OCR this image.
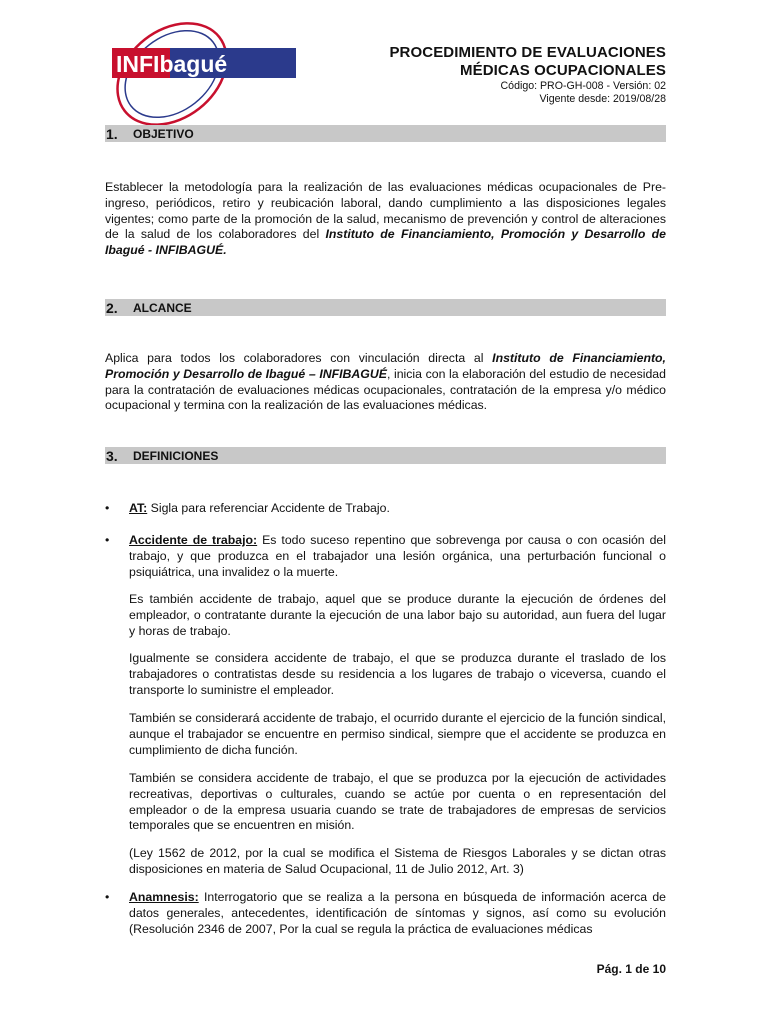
INFIbagué	PROCEDIMIENTO DE EVALUACIONES
MÉDICAS OCUPACIONALES
Código: PRO-GH-008 - Versión: 02
Vigente desde: 2019/08/28
1.	OBJETIVO
Establecer la metodología para la realización de las evaluaciones médicas ocupacionales de Pre-ingreso, periódicos, retiro y reubicación laboral, dando cumplimiento a las disposiciones legales vigentes; como parte de la promoción de la salud, mecanismo de prevención y control de alteraciones de la salud de los colaboradores del Instituto de Financiamiento, Promoción y Desarrollo de Ibagué - INFIBAGUÉ.
2.	ALCANCE
Aplica para todos los colaboradores con vinculación directa al Instituto de Financiamiento, Promoción y Desarrollo de Ibagué – INFIBAGUÉ, inicia con la elaboración del estudio de necesidad para la contratación de evaluaciones médicas ocupacionales, contratación de la empresa y/o médico ocupacional y termina con la realización de las evaluaciones médicas.
3.	DEFINICIONES
• AT: Sigla para referenciar Accidente de Trabajo.
• Accidente de trabajo: Es todo suceso repentino que sobrevenga por causa o con ocasión del trabajo, y que produzca en el trabajador una lesión orgánica, una perturbación funcional o psiquiátrica, una invalidez o la muerte.
Es también accidente de trabajo, aquel que se produce durante la ejecución de órdenes del empleador, o contratante durante la ejecución de una labor bajo su autoridad, aun fuera del lugar y horas de trabajo.
Igualmente se considera accidente de trabajo, el que se produzca durante el traslado de los trabajadores o contratistas desde su residencia a los lugares de trabajo o viceversa, cuando el transporte lo suministre el empleador.
También se considerará accidente de trabajo, el ocurrido durante el ejercicio de la función sindical, aunque el trabajador se encuentre en permiso sindical, siempre que el accidente se produzca en cumplimiento de dicha función.
También se considera accidente de trabajo, el que se produzca por la ejecución de actividades recreativas, deportivas o culturales, cuando se actúe por cuenta o en representación del empleador o de la empresa usuaria cuando se trate de trabajadores de empresas de servicios temporales que se encuentren en misión.
(Ley 1562 de 2012, por la cual se modifica el Sistema de Riesgos Laborales y se dictan otras disposiciones en materia de Salud Ocupacional, 11 de Julio 2012, Art. 3)
• Anamnesis: Interrogatorio que se realiza a la persona en búsqueda de información acerca de datos generales, antecedentes, identificación de síntomas y signos, así como su evolución (Resolución 2346 de 2007, Por la cual se regula la práctica de evaluaciones médicas
Pág. 1 de 10
